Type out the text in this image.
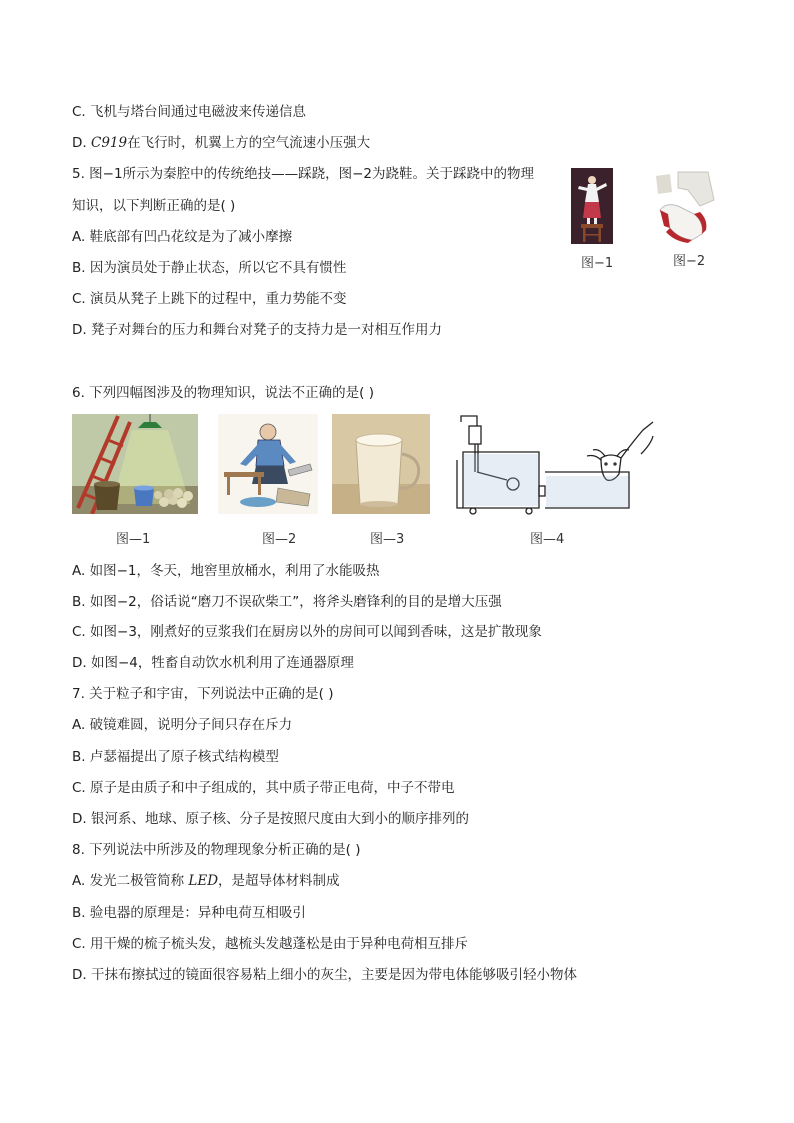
C. 飞机与塔台间通过电磁波来传递信息
D. C919在飞行时，机翼上方的空气流速小压强大
5. 图−1所示为秦腔中的传统绝技——踩跷，图−2为跷鞋。关于踩跷中的物理
知识，以下判断正确的是( )
A. 鞋底部有凹凸花纹是为了减小摩擦
B. 因为演员处于静止状态，所以它不具有惯性
C. 演员从凳子上跳下的过程中，重力势能不变
D. 凳子对舞台的压力和舞台对凳子的支持力是一对相互作用力
图−1	图−2
6. 下列四幅图涉及的物理知识，说法不正确的是( )
图—1	图—2	图—3	图—4
A. 如图−1，冬天，地窖里放桶水，利用了水能吸热
B. 如图−2，俗话说“磨刀不误砍柴工”，将斧头磨锋利的目的是增大压强
C. 如图−3，刚煮好的豆浆我们在厨房以外的房间可以闻到香味，这是扩散现象
D. 如图−4，牲畜自动饮水机利用了连通器原理
7. 关于粒子和宇宙，下列说法中正确的是( )
A. 破镜难圆，说明分子间只存在斥力
B. 卢瑟福提出了原子核式结构模型
C. 原子是由质子和中子组成的，其中质子带正电荷，中子不带电
D. 银河系、地球、原子核、分子是按照尺度由大到小的顺序排列的
8. 下列说法中所涉及的物理现象分析正确的是( )
A. 发光二极管简称 LED，是超导体材料制成
B. 验电器的原理是：异种电荷互相吸引
C. 用干燥的梳子梳头发，越梳头发越蓬松是由于异种电荷相互排斥
D. 干抹布擦拭过的镜面很容易粘上细小的灰尘，主要是因为带电体能够吸引轻小物体
